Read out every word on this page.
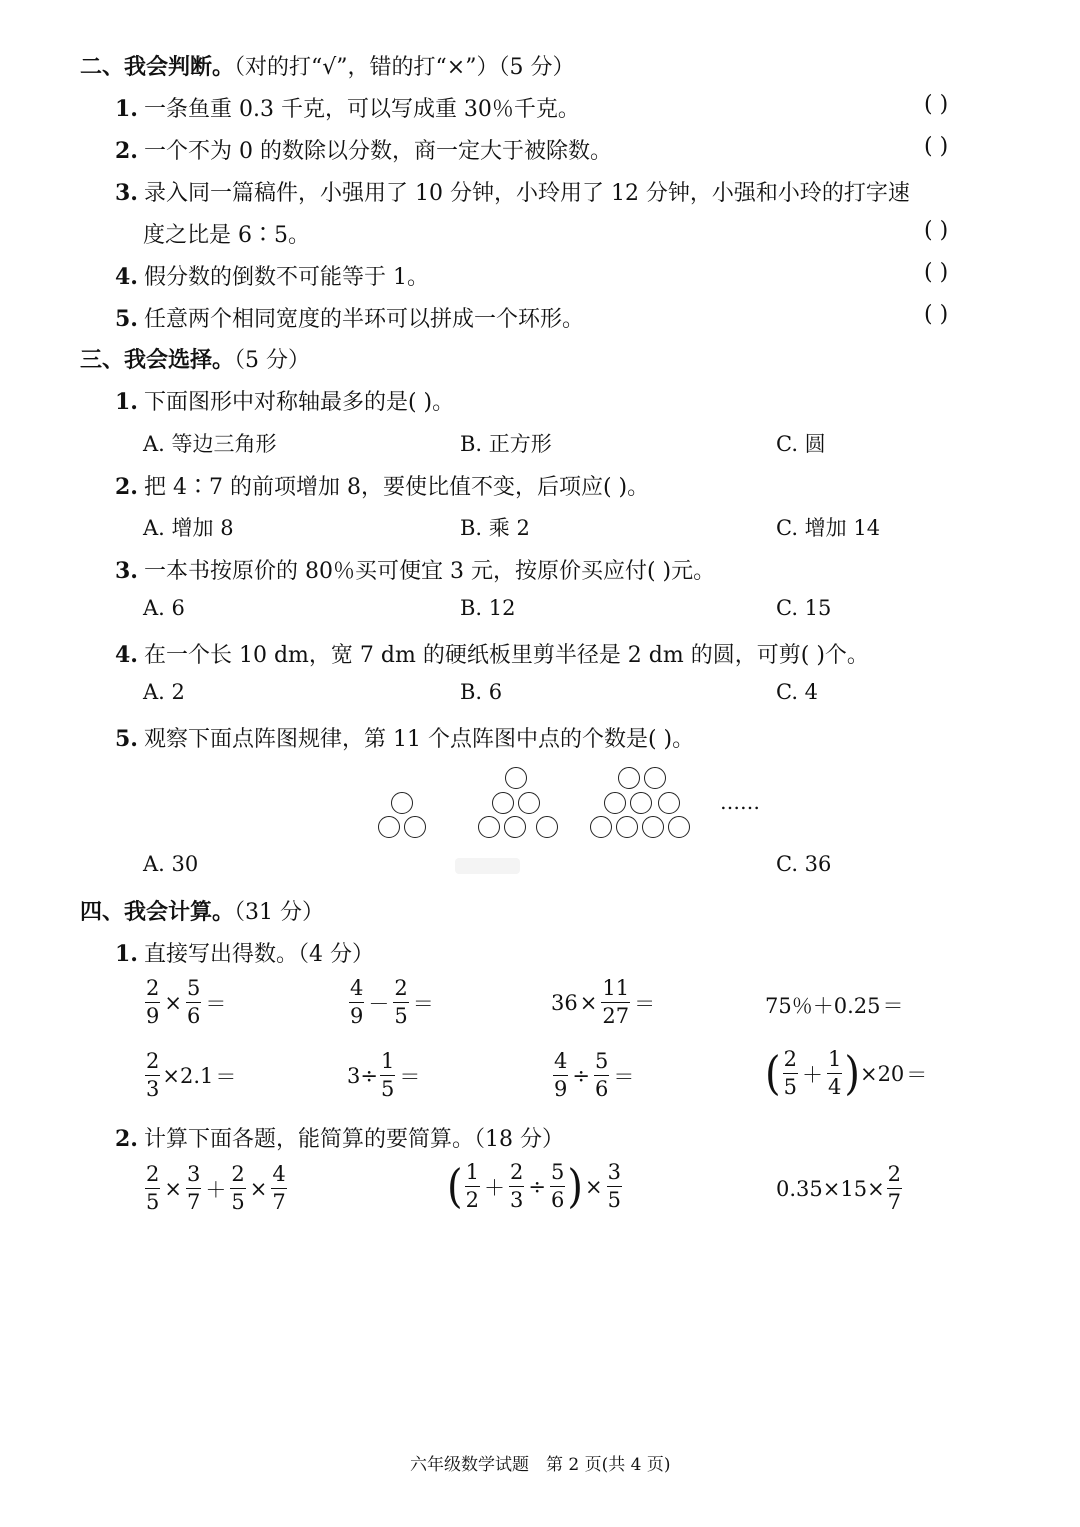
二、我会判断。（对的打“√”，错的打“×”）（5 分）
1. 一条鱼重 0.3 千克，可以写成重 30％千克。	( )
2. 一个不为 0 的数除以分数，商一定大于被除数。	( )
3. 录入同一篇稿件，小强用了 10 分钟，小玲用了 12 分钟，小强和小玲的打字速
度之比是 6∶5。	( )
4. 假分数的倒数不可能等于 1。	( )
5. 任意两个相同宽度的半环可以拼成一个环形。	( )
三、我会选择。（5 分）
1. 下面图形中对称轴最多的是( )。
A. 等边三角形	B. 正方形	C. 圆
2. 把 4∶7 的前项增加 8，要使比值不变，后项应( )。
A. 增加 8	B. 乘 2	C. 增加 14
3. 一本书按原价的 80％买可便宜 3 元，按原价买应付( )元。
A. 6	B. 12	C. 15
4. 在一个长 10 dm，宽 7 dm 的硬纸板里剪半径是 2 dm 的圆，可剪( )个。
A. 2	B. 6	C. 4
5. 观察下面点阵图规律，第 11 个点阵图中点的个数是( )。
……
A. 30	C. 36
四、我会计算。（31 分）
1. 直接写出得数。（4 分）
$\frac{2}{9} \times \frac{5}{6}$ ＝	$\frac{4}{9} - \frac{2}{5}$ ＝	$36 \times \frac{11}{27}$ ＝	75％＋0.25 ＝
$\frac{2}{3} \times 2.1$ ＝	$3\div \frac{1}{5}$ ＝	$\frac{4}{9} \div \frac{5}{6}$ ＝	( $\frac{2}{5} + \frac{1}{4}$ ) ×20 ＝
2. 计算下面各题，能简算的要简算。（18 分）
$\frac{2}{5} \times \frac{3}{7} + \frac{2}{5} \times \frac{4}{7}$	( $\frac{1}{2} + \frac{2}{3} \div \frac{5}{6}$ ) × $\frac{3}{5}$	$0.35\times 15\times \frac{2}{7}$
六年级数学试题　第 2 页(共 4 页)
